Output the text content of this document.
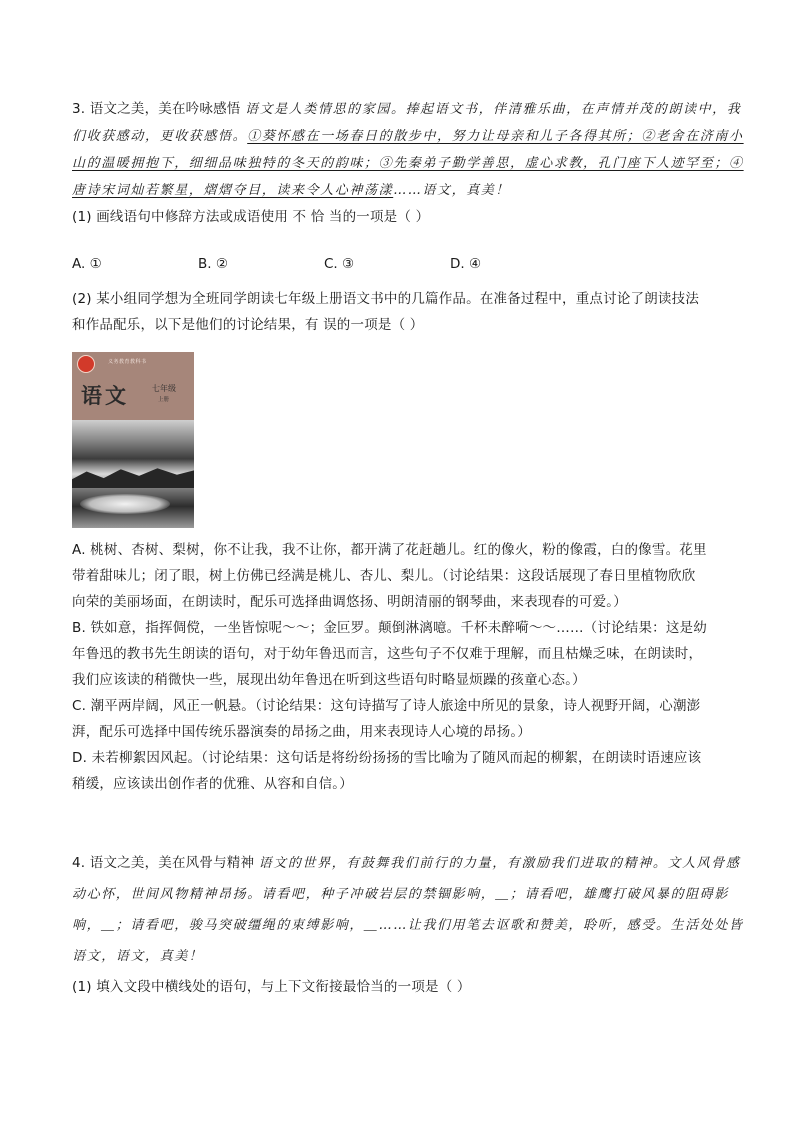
3. 语文之美，美在吟咏感悟 语文是人类情思的家园。捧起语文书，伴清雅乐曲，在声情并茂的朗读中，我
们收获感动，更收获感悟。①葵怀感在一场春日的散步中，努力让母亲和儿子各得其所；②老舍在济南小
山的温暖拥抱下，细细品味独特的冬天的韵味；③先秦弟子勤学善思，虚心求教，孔门座下人迹罕至；④
唐诗宋词灿若繁星，熠熠夺目，读来令人心神荡漾……语文，真美！
(1) 画线语句中修辞方法或成语使用 不 恰 当的一项是（ ）
A. ①	B. ②	C. ③	D. ④
(2) 某小组同学想为全班同学朗读七年级上册语文书中的几篇作品。在准备过程中，重点讨论了朗读技法
和作品配乐，以下是他们的讨论结果，有 误的一项是（ ）
义务教育教科书
语文	七年级
上册
A. 桃树、杏树、梨树，你不让我，我不让你，都开满了花赶趟儿。红的像火，粉的像霞，白的像雪。花里
带着甜味儿；闭了眼，树上仿佛已经满是桃儿、杏儿、梨儿。（讨论结果：这段话展现了春日里植物欣欣
向荣的美丽场面，在朗读时，配乐可选择曲调悠扬、明朗清丽的钢琴曲，来表现春的可爱。）
B. 铁如意，指挥倜傥，一坐皆惊呢～～；金叵罗。颠倒淋漓噫。千杯未醉嗬～～……（讨论结果：这是幼
年鲁迅的教书先生朗读的语句，对于幼年鲁迅而言，这些句子不仅难于理解，而且枯燥乏味，在朗读时，
我们应该读的稍微快一些，展现出幼年鲁迅在听到这些语句时略显烦躁的孩童心态。）
C. 潮平两岸阔，风正一帆悬。（讨论结果：这句诗描写了诗人旅途中所见的景象，诗人视野开阔，心潮澎
湃，配乐可选择中国传统乐器演奏的昂扬之曲，用来表现诗人心境的昂扬。）
D. 未若柳絮因风起。（讨论结果：这句话是将纷纷扬扬的雪比喻为了随风而起的柳絮，在朗读时语速应该
稍缓，应该读出创作者的优雅、从容和自信。）
4. 语文之美，美在风骨与精神 语文的世界，有鼓舞我们前行的力量，有激励我们进取的精神。文人风骨感
动心怀，世间风物精神昂扬。请看吧，种子冲破岩层的禁锢影响，＿；请看吧，雄鹰打破风暴的阻碍影
响，＿；请看吧，骏马突破缰绳的束缚影响，＿……让我们用笔去讴歌和赞美，聆听，感受。生活处处皆
语文，语文，真美！
(1) 填入文段中横线处的语句，与上下文衔接最恰当的一项是（ ）
